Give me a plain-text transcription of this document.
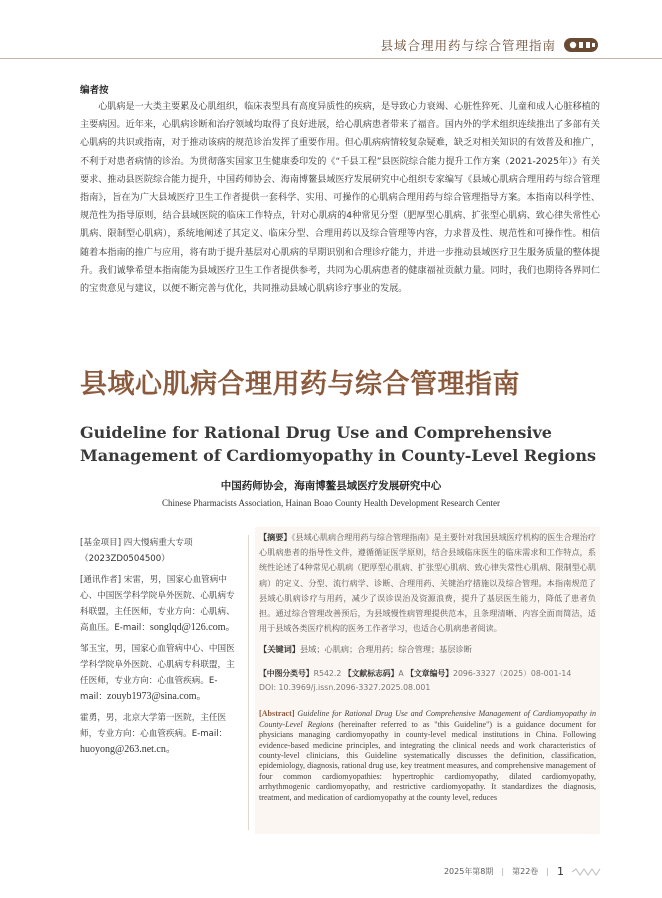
县域合理用药与综合管理指南
编者按

心肌病是一大类主要累及心肌组织，临床表型具有高度异质性的疾病，是导致心力衰竭、心脏性猝死、儿童和成人心脏移植的主要病因。近年来，心肌病诊断和治疗领域均取得了良好进展，给心肌病患者带来了福音。国内外的学术组织连续推出了多部有关心肌病的共识或指南，对于推动该病的规范诊治发挥了重要作用。但心肌病病情较复杂疑难，缺乏对相关知识的有效普及和推广，不利于对患者病情的诊治。为贯彻落实国家卫生健康委印发的《“千县工程”县医院综合能力提升工作方案（2021-2025年）》有关要求、推动县医院综合能力提升，中国药师协会、海南博鳌县域医疗发展研究中心组织专家编写《县域心肌病合理用药与综合管理指南》，旨在为广大县域医疗卫生工作者提供一套科学、实用、可操作的心肌病合理用药与综合管理指导方案。本指南以科学性、规范性为指导原则，结合县域医院的临床工作特点，针对心肌病的4种常见分型（肥厚型心肌病、扩张型心肌病、致心律失常性心肌病、限制型心肌病），系统地阐述了其定义、临床分型、合理用药以及综合管理等内容，力求普及性、规范性和可操作性。相信随着本指南的推广与应用，将有助于提升基层对心肌病的早期识别和合理诊疗能力，并进一步推动县域医疗卫生服务质量的整体提升。我们诚挚希望本指南能为县域医疗卫生工作者提供参考，共同为心肌病患者的健康福祉贡献力量。同时，我们也期待各界同仁的宝贵意见与建议，以便不断完善与优化，共同推动县域心肌病诊疗事业的发展。

县域心肌病合理用药与综合管理指南
Guideline for Rational Drug Use and Comprehensive Management of Cardiomyopathy in County-Level Regions
中国药师协会，海南博鳌县域医疗发展研究中心
Chinese Pharmacists Association, Hainan Boao County Health Development Research Center

[基金项目] 四大慢病重大专项（2023ZD0504500）

[通讯作者] 宋雷，男，国家心血管病中心、中国医学科学院阜外医院、心肌病专科联盟，主任医师，专业方向：心肌病、高血压。E-mail：songlqd@126.com。

邹玉宝，男，国家心血管病中心、中国医学科学院阜外医院、心肌病专科联盟，主任医师，专业方向：心血管疾病。E-mail：zouyb1973@sina.com。

霍勇，男，北京大学第一医院，主任医师，专业方向：心血管疾病。E-mail：huoyong@263.net.cn。

【摘要】《县域心肌病合理用药与综合管理指南》是主要针对我国县域医疗机构的医生合理治疗心肌病患者的指导性文件，遵循循证医学原则，结合县域临床医生的临床需求和工作特点，系统性论述了4种常见心肌病（肥厚型心肌病、扩张型心肌病、致心律失常性心肌病、限制型心肌病）的定义、分型、流行病学、诊断、合理用药、关键治疗措施以及综合管理。本指南规范了县域心肌病诊疗与用药，减少了误诊误治及资源浪费，提升了基层医生能力，降低了患者负担。通过综合管理改善预后，为县域慢性病管理提供范本，且条理清晰、内容全面而简洁，适用于县域各类医疗机构的医务工作者学习，也适合心肌病患者阅读。

【关键词】县域；心肌病；合理用药；综合管理；基层诊断
【中图分类号】R542.2 【文献标志码】A 【文章编号】2096-3327（2025）08-001-14
DOI: 10.3969/j.issn.2096-3327.2025.08.001

[Abstract] Guideline for Rational Drug Use and Comprehensive Management of Cardiomyopathy in County-Level Regions (hereinafter referred to as "this Guideline") is a guidance document for physicians managing cardiomyopathy in county-level medical institutions in China. Following evidence-based medicine principles, and integrating the clinical needs and work characteristics of county-level clinicians, this Guideline systematically discusses the definition, classification, epidemiology, diagnosis, rational drug use, key treatment measures, and comprehensive management of four common cardiomyopathies: hypertrophic cardiomyopathy, dilated cardiomyopathy, arrhythmogenic cardiomyopathy, and restrictive cardiomyopathy. It standardizes the diagnosis, treatment, and medication of cardiomyopathy at the county level, reduces

2025年第8期 | 第22卷 | 1
